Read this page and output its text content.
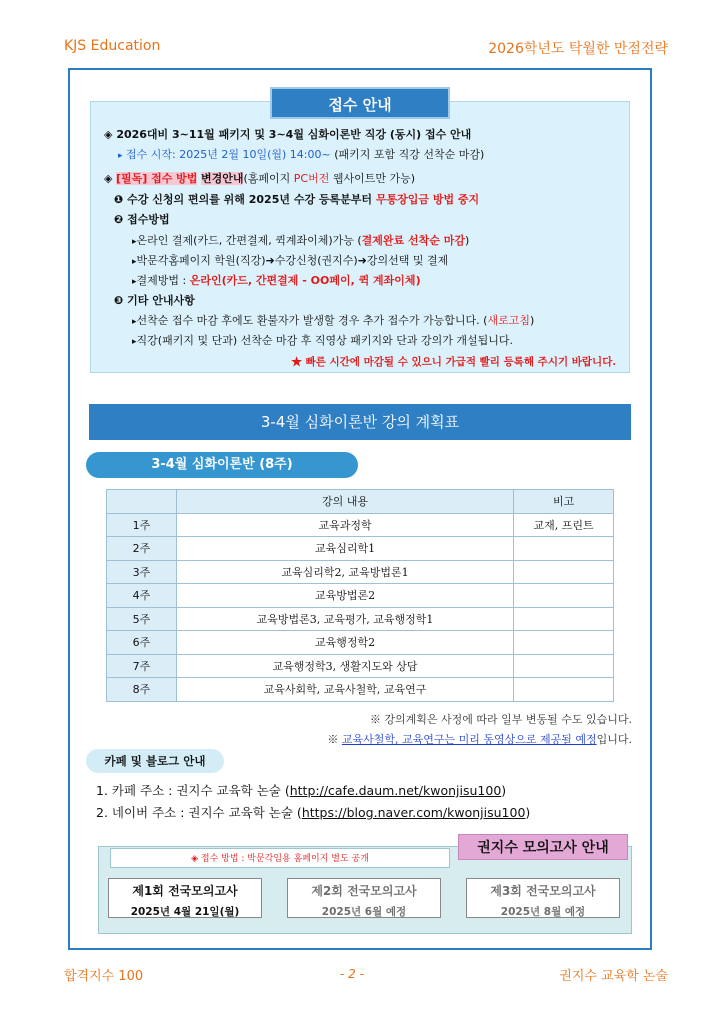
KJS Education	2026학년도 탁월한 만점전략
접수 안내
◈ 2026대비 3~11월 패키지 및 3~4월 심화이론반 직강 (동시) 접수 안내
▸ 접수 시작: 2025년 2월 10일(월) 14:00~ (패키지 포함 직강 선착순 마감)
◈ [필독] 접수 방법 변경안내(홈페이지 PC버전 웹사이트만 가능)
❶ 수강 신청의 편의를 위해 2025년 수강 등록분부터 무통장입금 방법 중지
❷ 접수방법
▸온라인 결제(카드, 간편결제, 퀵계좌이체)가능 (결제완료 선착순 마감)
▸박문각홈페이지 학원(직강)➜수강신청(권지수)➜강의선택 및 결제
▸결제방법 : 온라인(카드, 간편결제 - OO페이, 퀵 계좌이체)
❸ 기타 안내사항
▸선착순 접수 마감 후에도 환불자가 발생할 경우 추가 접수가 가능합니다. (새로고침)
▸직강(패키지 및 단과) 선착순 마감 후 직영상 패키지와 단과 강의가 개설됩니다.
★ 빠른 시간에 마감될 수 있으니 가급적 빨리 등록해 주시기 바랍니다.
3-4월 심화이론반 강의 계획표
3-4월 심화이론반 (8주)
	강의 내용	비고
1주	교육과정학	교재, 프린트
2주	교육심리학1	
3주	교육심리학2, 교육방법론1	
4주	교육방법론2	
5주	교육방법론3, 교육평가, 교육행정학1	
6주	교육행정학2	
7주	교육행정학3, 생활지도와 상담	
8주	교육사회학, 교육사철학, 교육연구	
※ 강의계획은 사정에 따라 일부 변동될 수도 있습니다.
※ 교육사철학, 교육연구는 미리 동영상으로 제공될 예정입니다.
카페 및 블로그 안내
1. 카페 주소 : 권지수 교육학 논술 (http://cafe.daum.net/kwonjisu100)
2. 네이버 주소 : 권지수 교육학 논술 (https://blog.naver.com/kwonjisu100)
권지수 모의고사 안내
◈ 접수 방법 : 박문각임용 홈페이지 별도 공개
제1회 전국모의고사
2025년 4월 21일(월)
제2회 전국모의고사
2025년 6월 예정
제3회 전국모의고사
2025년 8월 예정
합격지수 100	- 2 -	권지수 교육학 논술
